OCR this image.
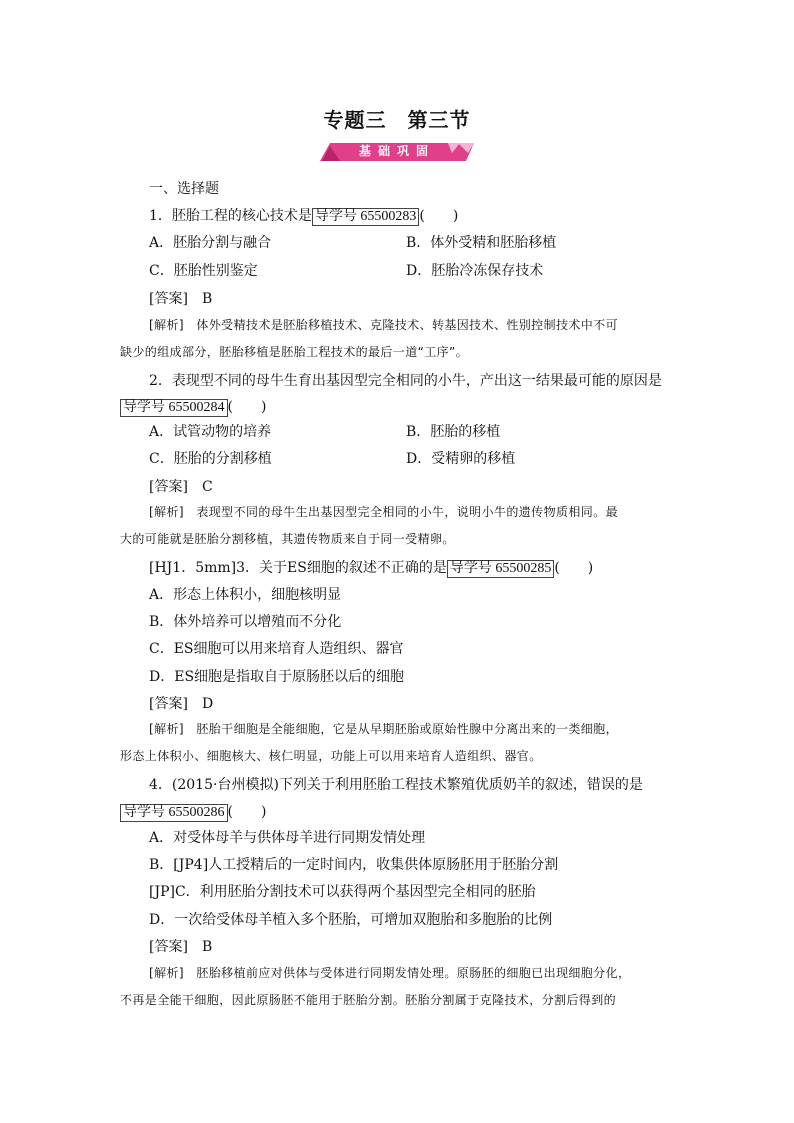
专题三　第三节
基础巩固
一、选择题
1．胚胎工程的核心技术是 导学号 65500283 (　　)
A．胚胎分割与融合	B．体外受精和胚胎移植
C．胚胎性别鉴定	D．胚胎冷冻保存技术
[答案]　 B
[解析]　 体外受精技术是胚胎移植技术、克隆技术、转基因技术、性别控制技术中不可
缺少的组成部分，胚胎移植是胚胎工程技术的最后一道“工序”。
2．表现型不同的母牛生育出基因型完全相同的小牛，产出这一结果最可能的原因是
导学号 65500284 (　　)
A．试管动物的培养	B．胚胎的移植
C．胚胎的分割移植	D．受精卵的移植
[答案]　 C
[解析]　 表现型不同的母牛生出基因型完全相同的小牛，说明小牛的遗传物质相同。最
大的可能就是胚胎分割移植，其遗传物质来自于同一受精卵。
[HJ1．5mm]3．关于ES细胞的叙述不正确的是 导学号 65500285 (　　)
A．形态上体积小，细胞核明显
B．体外培养可以增殖而不分化
C．ES细胞可以用来培育人造组织、器官
D．ES细胞是指取自于原肠胚以后的细胞
[答案]　 D
[解析]　 胚胎干细胞是全能细胞，它是从早期胚胎或原始性腺中分离出来的一类细胞，
形态上体积小、细胞核大、核仁明显，功能上可以用来培育人造组织、器官。
4．(2015·台州模拟)下列关于利用胚胎工程技术繁殖优质奶羊的叙述，错误的是
导学号 65500286 (　　)
A．对受体母羊与供体母羊进行同期发情处理
B．[JP4]人工授精后的一定时间内，收集供体原肠胚用于胚胎分割
[JP]C．利用胚胎分割技术可以获得两个基因型完全相同的胚胎
D．一次给受体母羊植入多个胚胎，可增加双胞胎和多胞胎的比例
[答案]　 B
[解析]　 胚胎移植前应对供体与受体进行同期发情处理。原肠胚的细胞已出现细胞分化，
不再是全能干细胞，因此原肠胚不能用于胚胎分割。胚胎分割属于克隆技术，分割后得到的
